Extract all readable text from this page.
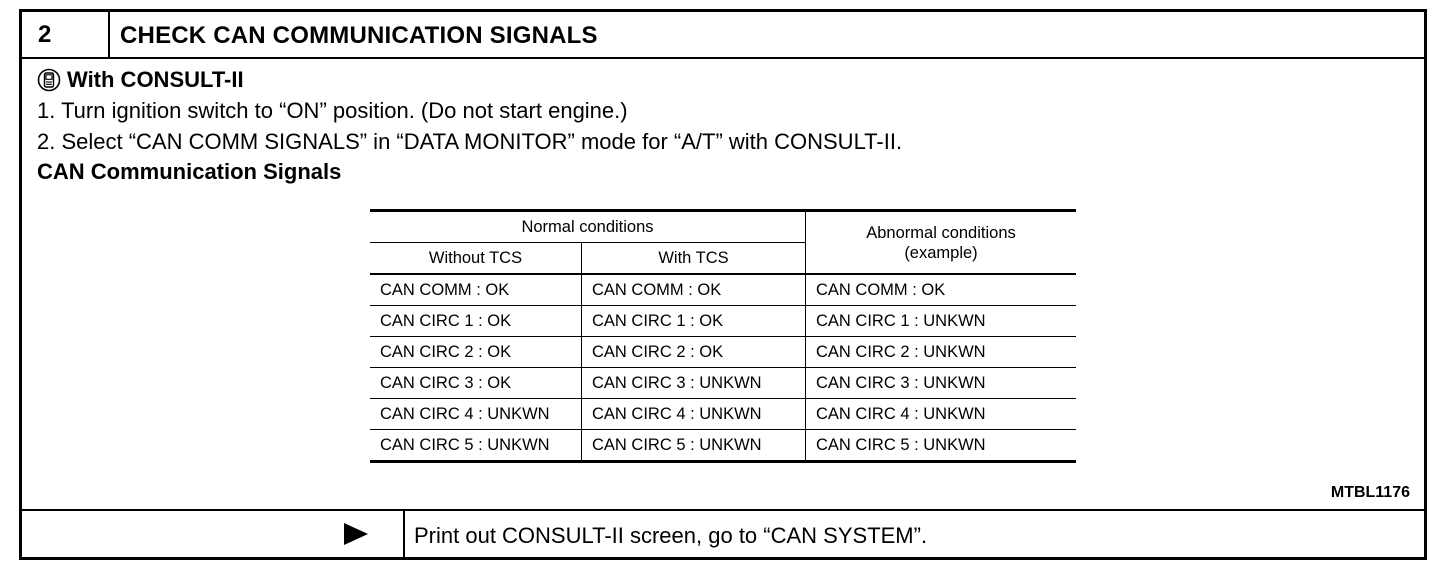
2	CHECK CAN COMMUNICATION SIGNALS
With CONSULT-II
1. Turn ignition switch to “ON” position. (Do not start engine.)
2. Select “CAN COMM SIGNALS” in “DATA MONITOR” mode for “A/T” with CONSULT-II.
CAN Communication Signals
Normal conditions		Abnormal conditions
(example)
Without TCS	With TCS	
CAN COMM : OK	CAN COMM : OK	CAN COMM : OK
CAN CIRC 1 : OK	CAN CIRC 1 : OK	CAN CIRC 1 : UNKWN
CAN CIRC 2 : OK	CAN CIRC 2 : OK	CAN CIRC 2 : UNKWN
CAN CIRC 3 : OK	CAN CIRC 3 : UNKWN	CAN CIRC 3 : UNKWN
CAN CIRC 4 : UNKWN	CAN CIRC 4 : UNKWN	CAN CIRC 4 : UNKWN
CAN CIRC 5 : UNKWN	CAN CIRC 5 : UNKWN	CAN CIRC 5 : UNKWN
MTBL1176
Print out CONSULT-II screen, go to “CAN SYSTEM”.
